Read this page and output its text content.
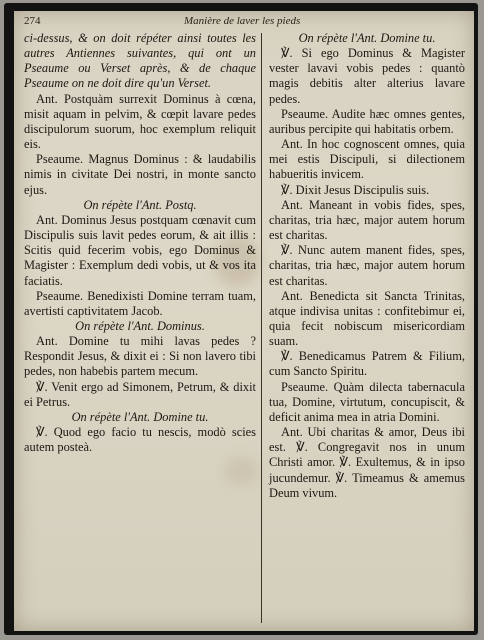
274	Manière de laver les pieds

ci-dessus, & on doit répéter ainsi toutes les autres Antiennes suivantes, qui ont un Pseaume ou Verset après, & de chaque Pseaume on ne doit dire qu'un Verset.

Ant. Postquàm surrexit Dominus à cœna, misit aquam in pelvim, & cœpit lavare pedes discipulorum suorum, hoc exemplum reliquit eis.

Pseaume. Magnus Dominus : & laudabilis nimis in civitate Dei nostri, in monte sancto ejus.

On répète l'Ant. Postq.

Ant. Dominus Jesus postquam cœnavit cum Discipulis suis lavit pedes eorum, & ait illis : Scitis quid fecerim vobis, ego Dominus & Magister : Exemplum dedi vobis, ut & vos ita faciatis.

Pseaume. Benedixisti Domine terram tuam, avertisti captivitatem Jacob.

On répète l'Ant. Dominus.

Ant. Domine tu mihi lavas pedes ? Respondit Jesus, & dixit ei : Si non lavero tibi pedes, non habebis partem mecum.

℣. Venit ergo ad Simonem, Petrum, & dixit ei Petrus.

On répète l'Ant. Domine tu.

℣. Quod ego facio tu nescis, modò scies autem posteà.

On répète l'Ant. Domine tu.

℣. Si ego Dominus & Magister vester lavavi vobis pedes : quantò magis debitis alter alterius lavare pedes.

Pseaume. Audite hæc omnes gentes, auribus percipite qui habitatis orbem.

Ant. In hoc cognoscent omnes, quia mei estis Discipuli, si dilectionem habueritis invicem.

℣. Dixit Jesus Discipulis suis.

Ant. Maneant in vobis fides, spes, charitas, tria hæc, major autem horum est charitas.

℣. Nunc autem manent fides, spes, charitas, tria hæc, major autem horum est charitas.

Ant. Benedicta sit Sancta Trinitas, atque indivisa unitas : confitebimur ei, quia fecit nobiscum misericordiam suam.

℣. Benedicamus Patrem & Filium, cum Sancto Spiritu.

Pseaume. Quàm dilecta tabernacula tua, Domine, virtutum, concupiscit, & deficit anima mea in atria Domini.

Ant. Ubi charitas & amor, Deus ibi est. ℣. Congregavit nos in unum Christi amor. ℣. Exultemus, & in ipso jucundemur. ℣. Timeamus & amemus Deum vivum.
